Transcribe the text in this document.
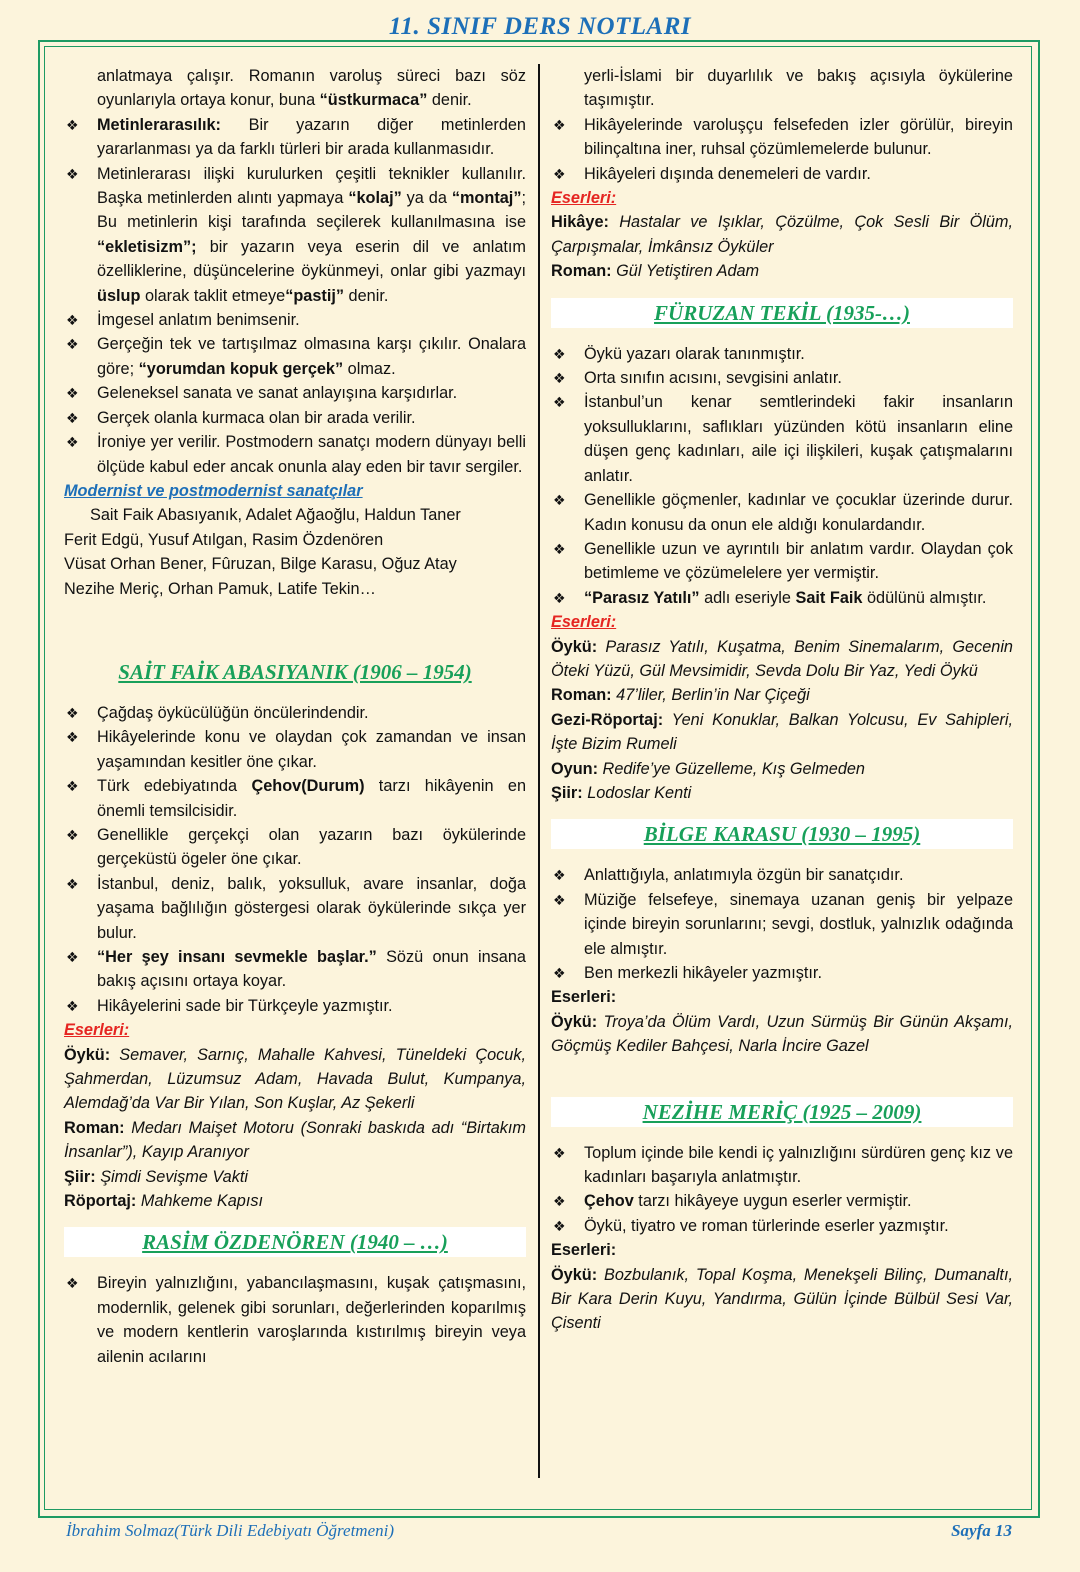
11. SINIF DERS NOTLARI
anlatmaya çalışır. Romanın varoluş süreci bazı söz oyunlarıyla ortaya konur, buna “üstkurmaca” denir.
❖ Metinlerarasılık: Bir yazarın diğer metinlerden yararlanması ya da farklı türleri bir arada kullanmasıdır.
❖ Metinlerarası ilişki kurulurken çeşitli teknikler kullanılır. Başka metinlerden alıntı yapmaya “kolaj” ya da “montaj”; Bu metinlerin kişi tarafında seçilerek kullanılmasına ise “ekletisizm”; bir yazarın veya eserin dil ve anlatım özelliklerine, düşüncelerine öykünmeyi, onlar gibi yazmayı üslup olarak taklit etmeye“pastij” denir.
❖ İmgesel anlatım benimsenir.
❖ Gerçeğin tek ve tartışılmaz olmasına karşı çıkılır. Onalara göre; “yorumdan kopuk gerçek” olmaz.
❖ Geleneksel sanata ve sanat anlayışına karşıdırlar.
❖ Gerçek olanla kurmaca olan bir arada verilir.
❖ İroniye yer verilir. Postmodern sanatçı modern dünyayı belli ölçüde kabul eder ancak onunla alay eden bir tavır sergiler.
Modernist ve postmodernist sanatçılar
Sait Faik Abasıyanık, Adalet Ağaoğlu, Haldun Taner
Ferit Edgü, Yusuf Atılgan, Rasim Özdenören
Vüsat Orhan Bener, Fûruzan, Bilge Karasu, Oğuz Atay
Nezihe Meriç, Orhan Pamuk, Latife Tekin…
SAİT FAİK ABASIYANIK (1906 – 1954)
❖ Çağdaş öykücülüğün öncülerindendir.
❖ Hikâyelerinde konu ve olaydan çok zamandan ve insan yaşamından kesitler öne çıkar.
❖ Türk edebiyatında Çehov(Durum) tarzı hikâyenin en önemli temsilcisidir.
❖ Genellikle gerçekçi olan yazarın bazı öykülerinde gerçeküstü ögeler öne çıkar.
❖ İstanbul, deniz, balık, yoksulluk, avare insanlar, doğa yaşama bağlılığın göstergesi olarak öykülerinde sıkça yer bulur.
❖ “Her şey insanı sevmekle başlar.” Sözü onun insana bakış açısını ortaya koyar.
❖ Hikâyelerini sade bir Türkçeyle yazmıştır.
Eserleri:
Öykü: Semaver, Sarnıç, Mahalle Kahvesi, Tüneldeki Çocuk, Şahmerdan, Lüzumsuz Adam, Havada Bulut, Kumpanya, Alemdağ’da Var Bir Yılan, Son Kuşlar, Az Şekerli
Roman: Medarı Maişet Motoru (Sonraki baskıda adı “Birtakım İnsanlar”), Kayıp Aranıyor
Şiir: Şimdi Sevişme Vakti
Röportaj: Mahkeme Kapısı
RASİM ÖZDENÖREN (1940 – …)
❖ Bireyin yalnızlığını, yabancılaşmasını, kuşak çatışmasını, modernlik, gelenek gibi sorunları, değerlerinden koparılmış ve modern kentlerin varoşlarında kıstırılmış bireyin veya ailenin acılarını
yerli-İslami bir duyarlılık ve bakış açısıyla öykülerine taşımıştır.
❖ Hikâyelerinde varoluşçu felsefeden izler görülür, bireyin bilinçaltına iner, ruhsal çözümlemelerde bulunur.
❖ Hikâyeleri dışında denemeleri de vardır.
Eserleri:
Hikâye: Hastalar ve Işıklar, Çözülme, Çok Sesli Bir Ölüm, Çarpışmalar, İmkânsız Öyküler
Roman: Gül Yetiştiren Adam
FÜRUZAN TEKİL (1935-…)
❖ Öykü yazarı olarak tanınmıştır.
❖ Orta sınıfın acısını, sevgisini anlatır.
❖ İstanbul’un kenar semtlerindeki fakir insanların yoksulluklarını, saflıkları yüzünden kötü insanların eline düşen genç kadınları, aile içi ilişkileri, kuşak çatışmalarını anlatır.
❖ Genellikle göçmenler, kadınlar ve çocuklar üzerinde durur. Kadın konusu da onun ele aldığı konulardandır.
❖ Genellikle uzun ve ayrıntılı bir anlatım vardır. Olaydan çok betimleme ve çözümelelere yer vermiştir.
❖ “Parasız Yatılı” adlı eseriyle Sait Faik ödülünü almıştır.
Eserleri:
Öykü: Parasız Yatılı, Kuşatma, Benim Sinemalarım, Gecenin Öteki Yüzü, Gül Mevsimidir, Sevda Dolu Bir Yaz, Yedi Öykü
Roman: 47’liler, Berlin’in Nar Çiçeği
Gezi-Röportaj: Yeni Konuklar, Balkan Yolcusu, Ev Sahipleri, İşte Bizim Rumeli
Oyun: Redife’ye Güzelleme, Kış Gelmeden
Şiir: Lodoslar Kenti
BİLGE KARASU (1930 – 1995)
❖ Anlattığıyla, anlatımıyla özgün bir sanatçıdır.
❖ Müziğe felsefeye, sinemaya uzanan geniş bir yelpaze içinde bireyin sorunlarını; sevgi, dostluk, yalnızlık odağında ele almıştır.
❖ Ben merkezli hikâyeler yazmıştır.
Eserleri:
Öykü: Troya’da Ölüm Vardı, Uzun Sürmüş Bir Günün Akşamı, Göçmüş Kediler Bahçesi, Narla İncire Gazel
NEZİHE MERİÇ (1925 – 2009)
❖ Toplum içinde bile kendi iç yalnızlığını sürdüren genç kız ve kadınları başarıyla anlatmıştır.
❖ Çehov tarzı hikâyeye uygun eserler vermiştir.
❖ Öykü, tiyatro ve roman türlerinde eserler yazmıştır.
Eserleri:
Öykü: Bozbulanık, Topal Koşma, Menekşeli Bilinç, Dumanaltı, Bir Kara Derin Kuyu, Yandırma, Gülün İçinde Bülbül Sesi Var, Çisenti
İbrahim Solmaz(Türk Dili Edebiyatı Öğretmeni)	Sayfa 13
